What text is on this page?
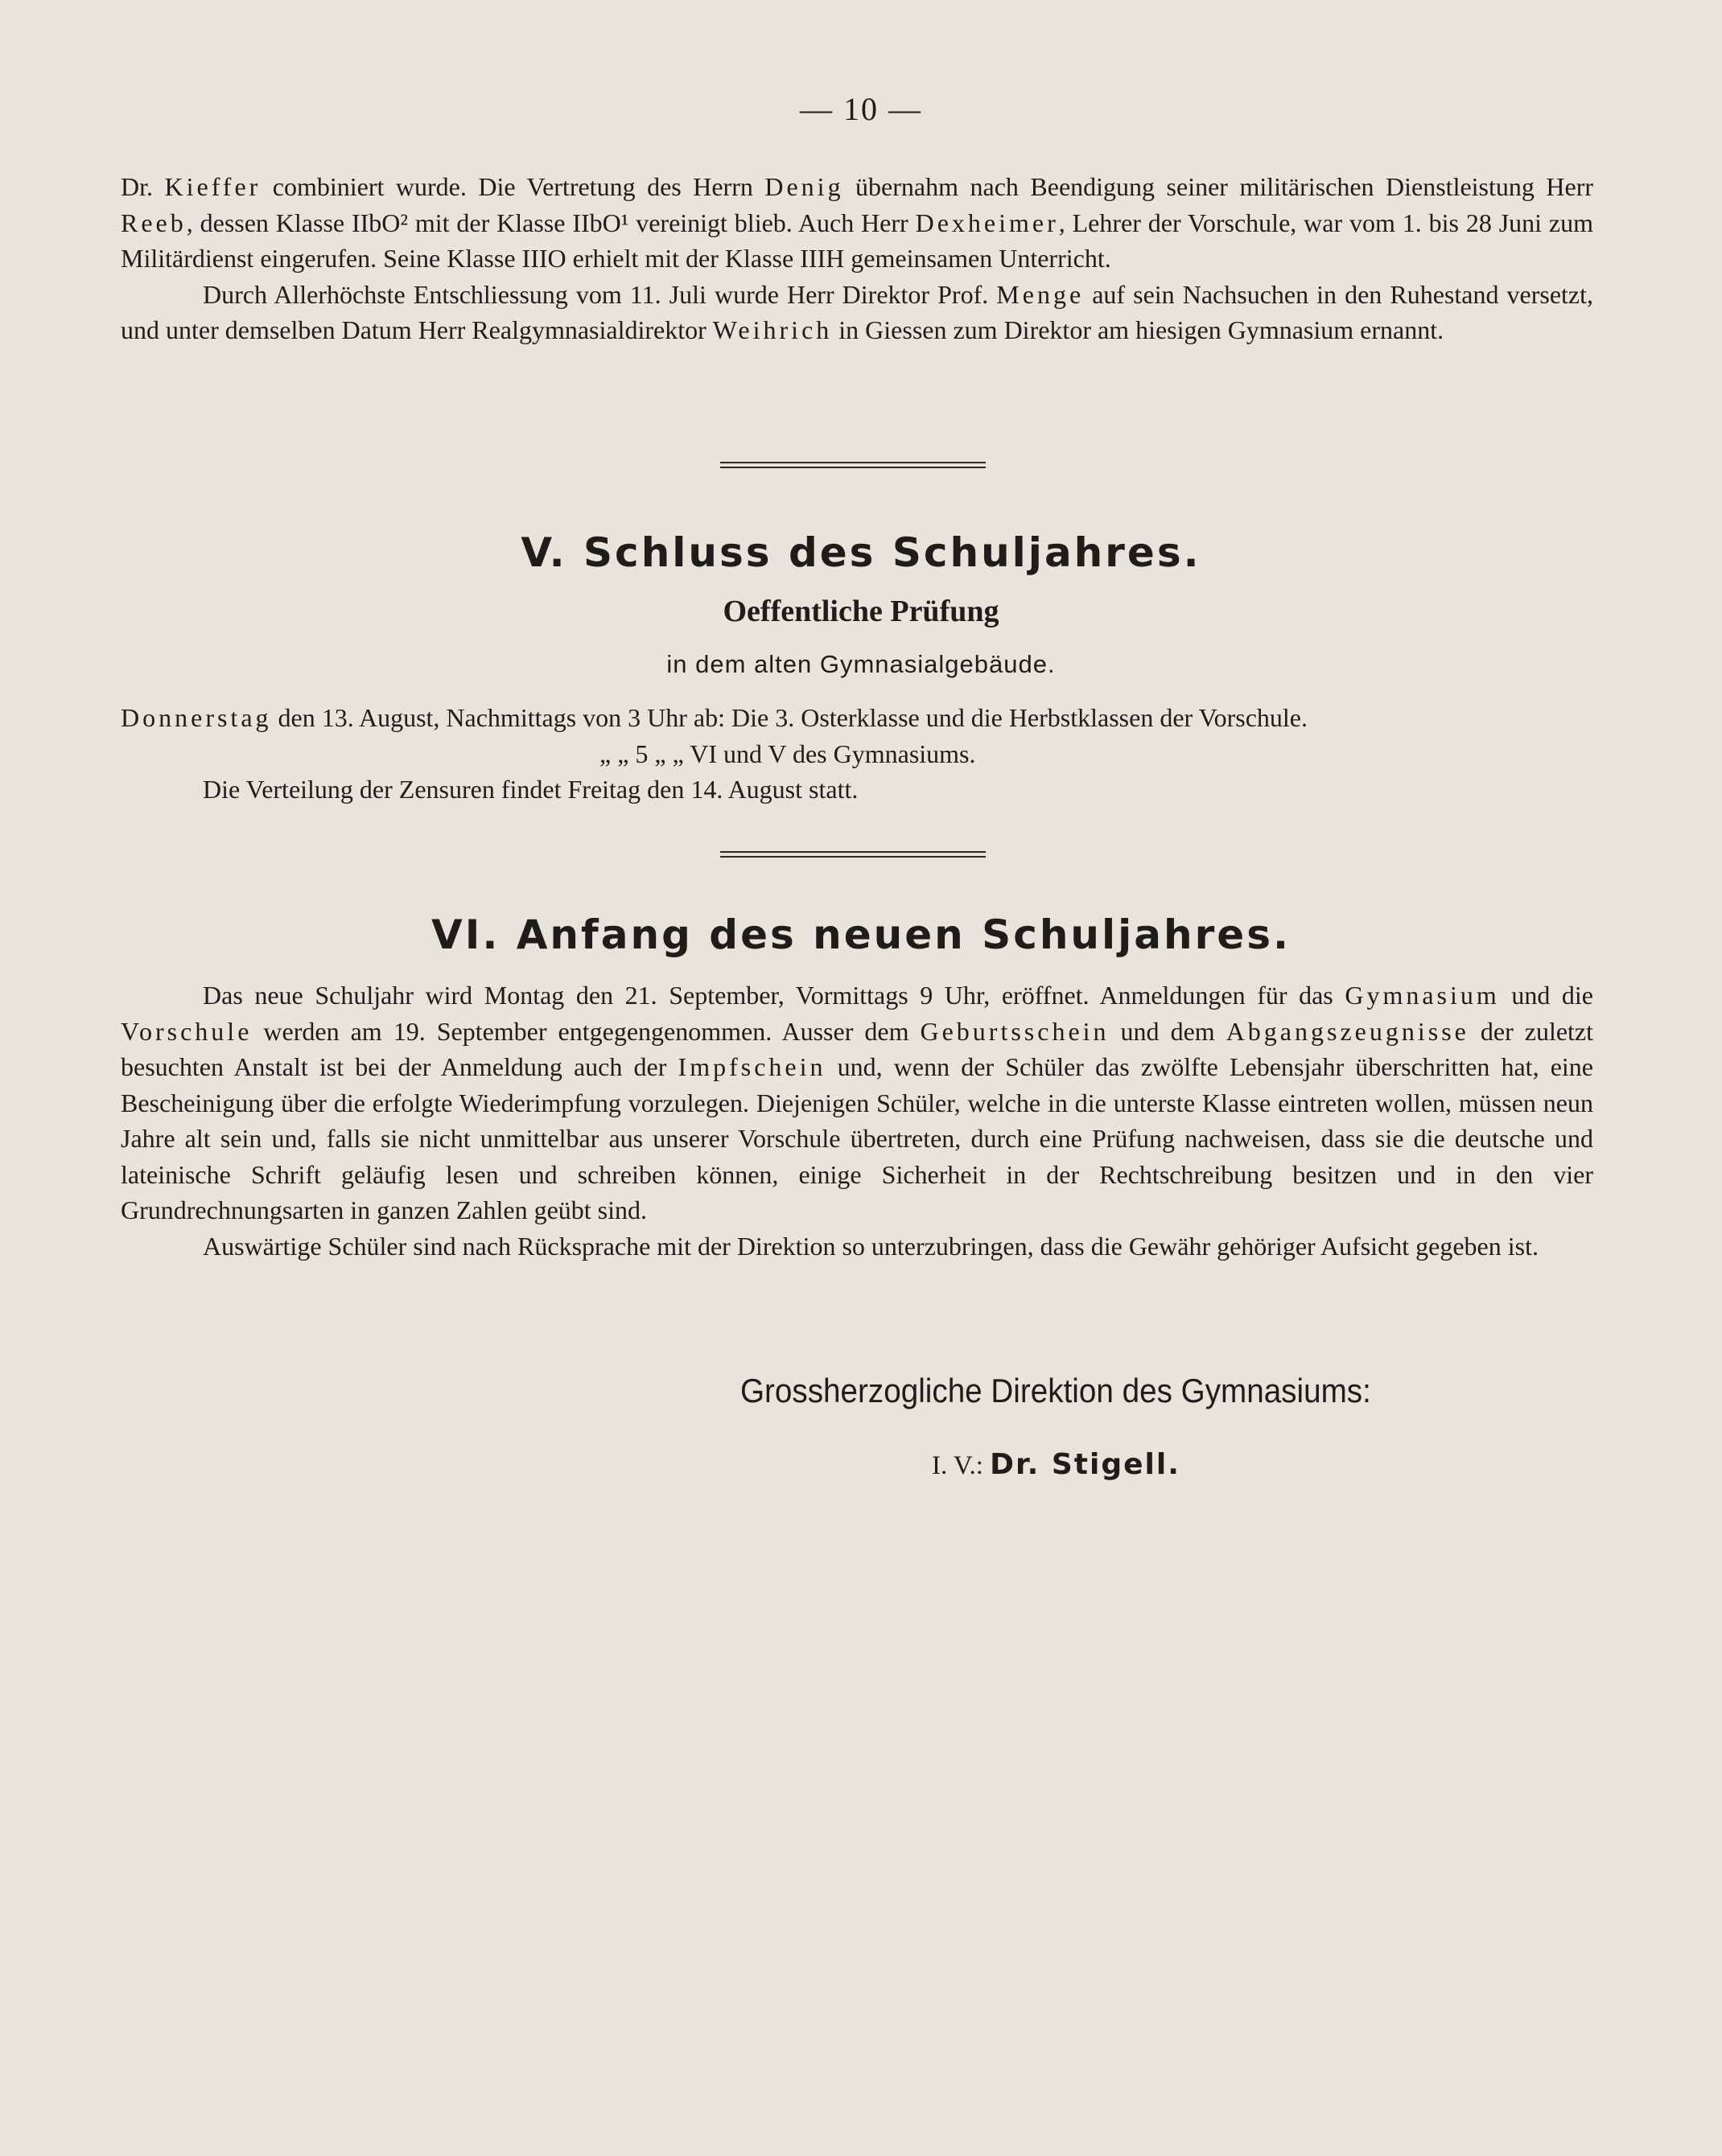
— 10 —

Dr. Kieffer combiniert wurde. Die Vertretung des Herrn Denig übernahm nach Beendigung seiner militärischen Dienstleistung Herr Reeb, dessen Klasse IIbO² mit der Klasse IIbO¹ vereinigt blieb. Auch Herr Dexheimer, Lehrer der Vorschule, war vom 1. bis 28 Juni zum Militärdienst eingerufen. Seine Klasse IIIO erhielt mit der Klasse IIIH gemeinsamen Unterricht.

Durch Allerhöchste Entschliessung vom 11. Juli wurde Herr Direktor Prof. Menge auf sein Nachsuchen in den Ruhestand versetzt, und unter demselben Datum Herr Realgymnasialdirektor Weihrich in Giessen zum Direktor am hiesigen Gymnasium ernannt.

V. Schluss des Schuljahres.
Oeffentliche Prüfung
in dem alten Gymnasialgebäude.
Donnerstag den 13. August, Nachmittags von 3 Uhr ab: Die 3. Osterklasse und die Herbstklassen der Vorschule.
„ „ 5 „ „ VI und V des Gymnasiums.
Die Verteilung der Zensuren findet Freitag den 14. August statt.
VI. Anfang des neuen Schuljahres.

Das neue Schuljahr wird Montag den 21. September, Vormittags 9 Uhr, eröffnet. Anmeldungen für das Gymnasium und die Vorschule werden am 19. September entgegengenommen. Ausser dem Geburtsschein und dem Abgangszeugnisse der zuletzt besuchten Anstalt ist bei der Anmeldung auch der Impfschein und, wenn der Schüler das zwölfte Lebensjahr überschritten hat, eine Bescheinigung über die erfolgte Wiederimpfung vorzulegen. Diejenigen Schüler, welche in die unterste Klasse eintreten wollen, müssen neun Jahre alt sein und, falls sie nicht unmittelbar aus unserer Vorschule übertreten, durch eine Prüfung nachweisen, dass sie die deutsche und lateinische Schrift geläufig lesen und schreiben können, einige Sicherheit in der Rechtschreibung besitzen und in den vier Grundrechnungsarten in ganzen Zahlen geübt sind.

Auswärtige Schüler sind nach Rücksprache mit der Direktion so unterzubringen, dass die Gewähr gehöriger Aufsicht gegeben ist.

Grossherzogliche Direktion des Gymnasiums:
I. V.: Dr. Stigell.
